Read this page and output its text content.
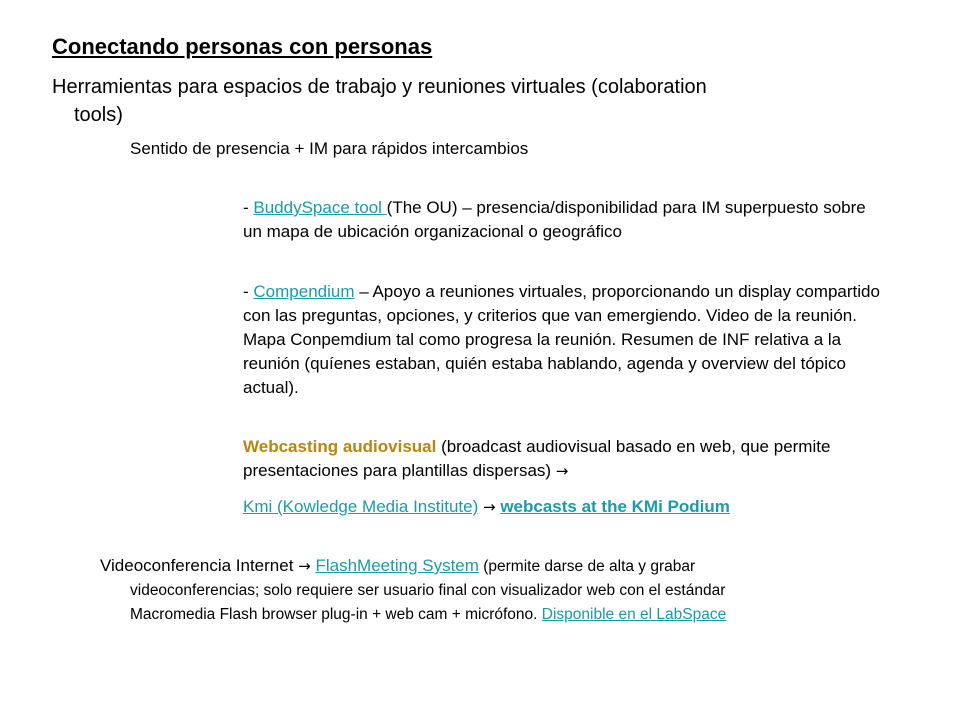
Conectando personas con personas
Herramientas para espacios de trabajo y reuniones virtuales (colaboration
tools)
Sentido de presencia + IM para rápidos intercambios
- BuddySpace tool (The OU) – presencia/disponibilidad para IM superpuesto sobre un mapa de ubicación organizacional o geográfico
- Compendium – Apoyo a reuniones virtuales, proporcionando un display compartido con las preguntas, opciones, y criterios que van emergiendo. Video de la reunión. Mapa Conpemdium tal como progresa la reunión. Resumen de INF relativa a la reunión (quíenes estaban, quién estaba hablando, agenda y overview del tópico actual).
Webcasting audiovisual (broadcast audiovisual basado en web, que permite presentaciones para plantillas dispersas) →
Kmi (Kowledge Media Institute) → webcasts at the KMi Podium
Videoconferencia Internet → FlashMeeting System (permite darse de alta y grabar
videoconferencias; solo requiere ser usuario final con visualizador web con el estándar
Macromedia Flash browser plug-in + web cam + micrófono. Disponible en el LabSpace
